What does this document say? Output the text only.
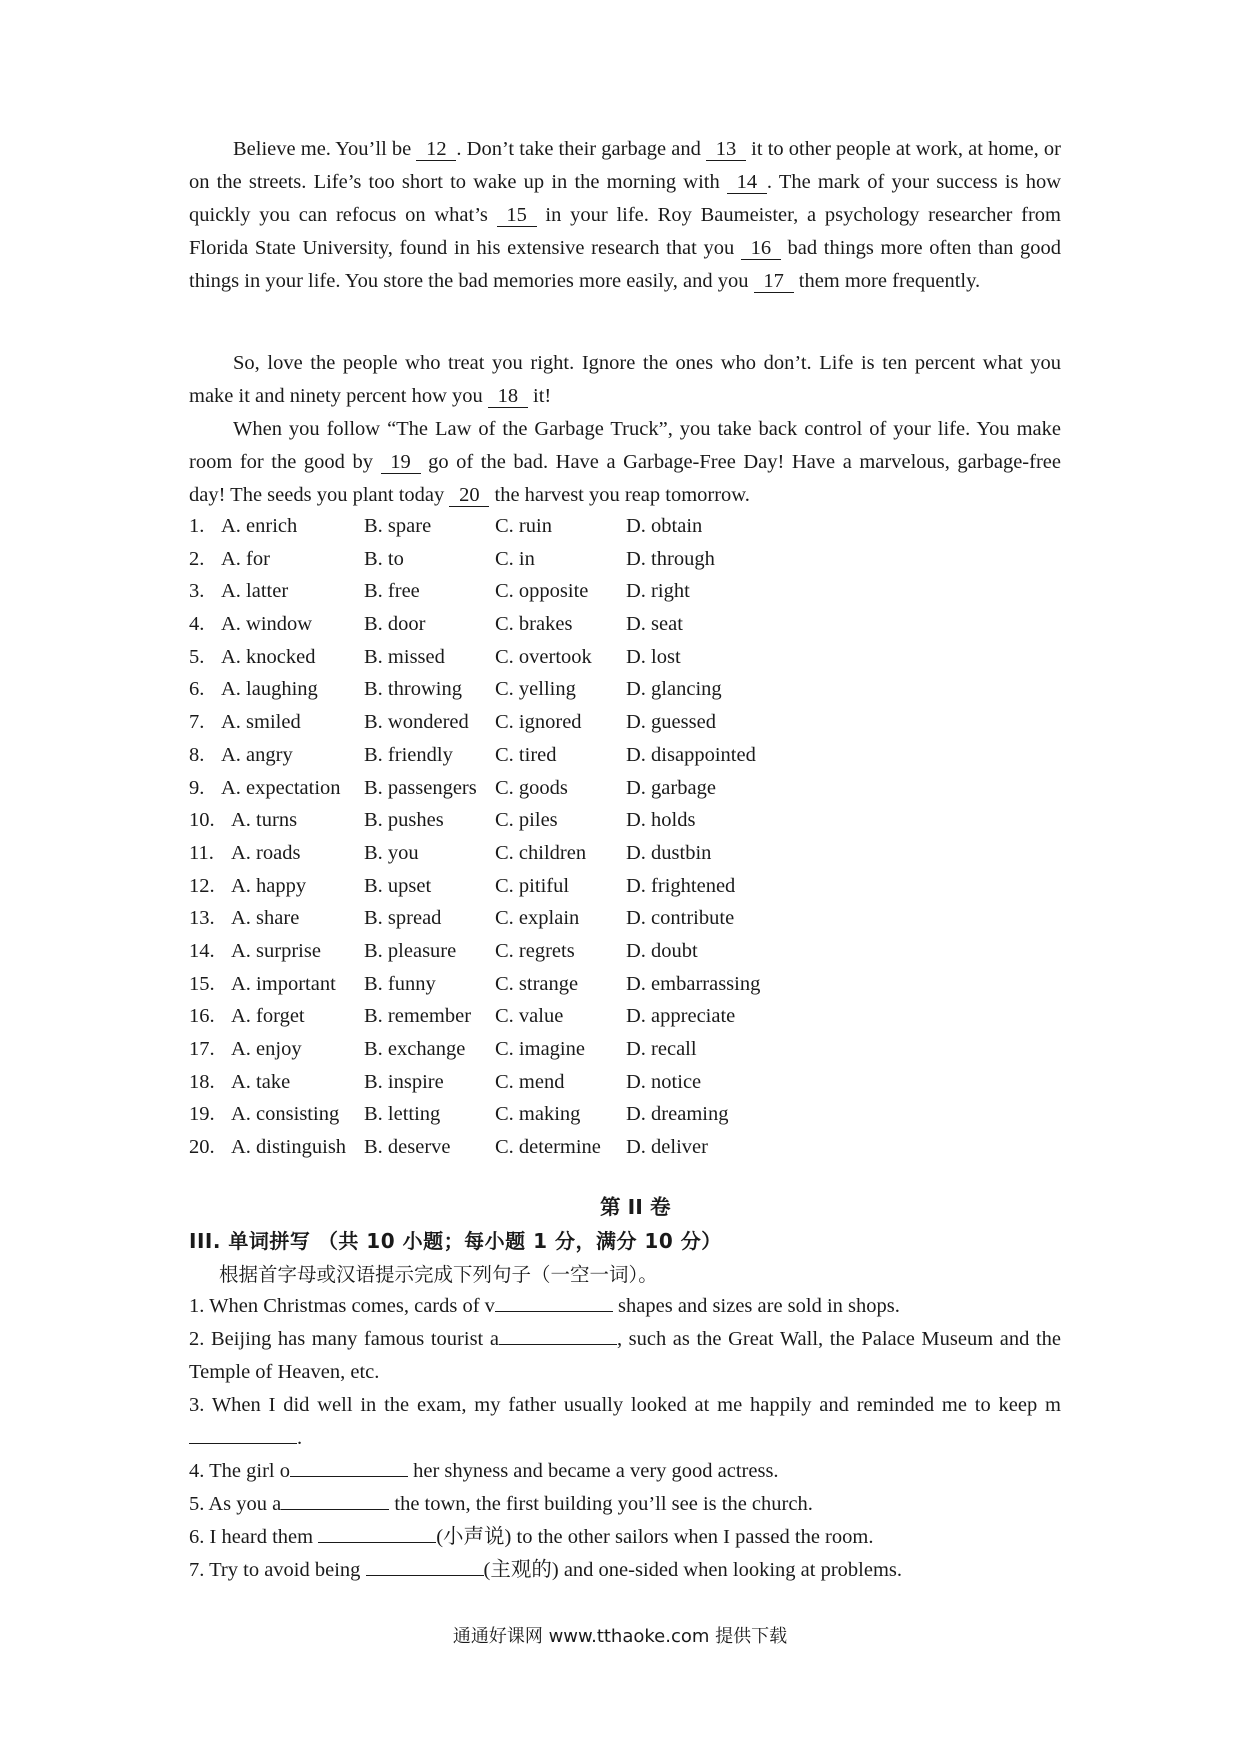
Believe me. You’ll be 12 . Don’t take their garbage and 13 it to other people at work, at home, or on the streets. Life’s too short to wake up in the morning with 14 . The mark of your success is how quickly you can refocus on what’s 15 in your life. Roy Baumeister, a psychology researcher from Florida State University, found in his extensive research that you 16 bad things more often than good things in your life. You store the bad memories more easily, and you 17 them more frequently.

So, love the people who treat you right. Ignore the ones who don’t. Life is ten percent what you make it and ninety percent how you 18 it!

When you follow “The Law of the Garbage Truck”, you take back control of your life. You make room for the good by 19 go of the bad. Have a Garbage-Free Day! Have a marvelous, garbage-free day! The seeds you plant today 20 the harvest you reap tomorrow.

1. A. enrich	B. spare	C. ruin	D. obtain
2. A. for	B. to	C. in	D. through
3. A. latter	B. free	C. opposite D. right
4. A. window	B. door	C. brakes	D. seat
5. A. knocked B. missed C. overtook D. lost
6. A. laughing B. throwing C. yelling D. glancing
7. A. smiled	B. wondered C. ignored D. guessed
8. A. angry	B. friendly C. tired	D. disappointed
9. A. expectation B. passengers C. goods	D. garbage
10. A. turns	B. pushes	C. piles	D. holds
11. A. roads	B. you	C. children D. dustbin
12. A. happy	B. upset	C. pitiful	D. frightened
13. A. share	B. spread	C. explain D. contribute
14. A. surprise B. pleasure C. regrets	D. doubt
15. A. important B. funny	C. strange D. embarrassing
16. A. forget	B. remember C. value	D. appreciate
17. A. enjoy	B. exchange C. imagine D. recall
18. A. take	B. inspire	C. mend	D. notice
19. A. consisting B. letting	C. making D. dreaming
20. A. distinguish B. deserve C. determine D. deliver
第 II 卷
III. 单词拼写 （共 10 小题；每小题 1 分，满分 10 分）
根据首字母或汉语提示完成下列句子（一空一词）。

1. When Christmas comes, cards of v	shapes and sizes are sold in shops.

2. Beijing has many famous tourist a	, such as the Great Wall, the Palace Museum and the Temple of Heaven, etc.

3. When I did well in the exam, my father usually looked at me happily and reminded me to keep m .

4. The girl o	her shyness and became a very good actress.

5. As you a	the town, the first building you’ll see is the church.

6. I heard them	(小声说) to the other sailors when I passed the room.

7. Try to avoid being	(主观的) and one-sided when looking at problems.

通通好课网 www.tthaoke.com 提供下载
